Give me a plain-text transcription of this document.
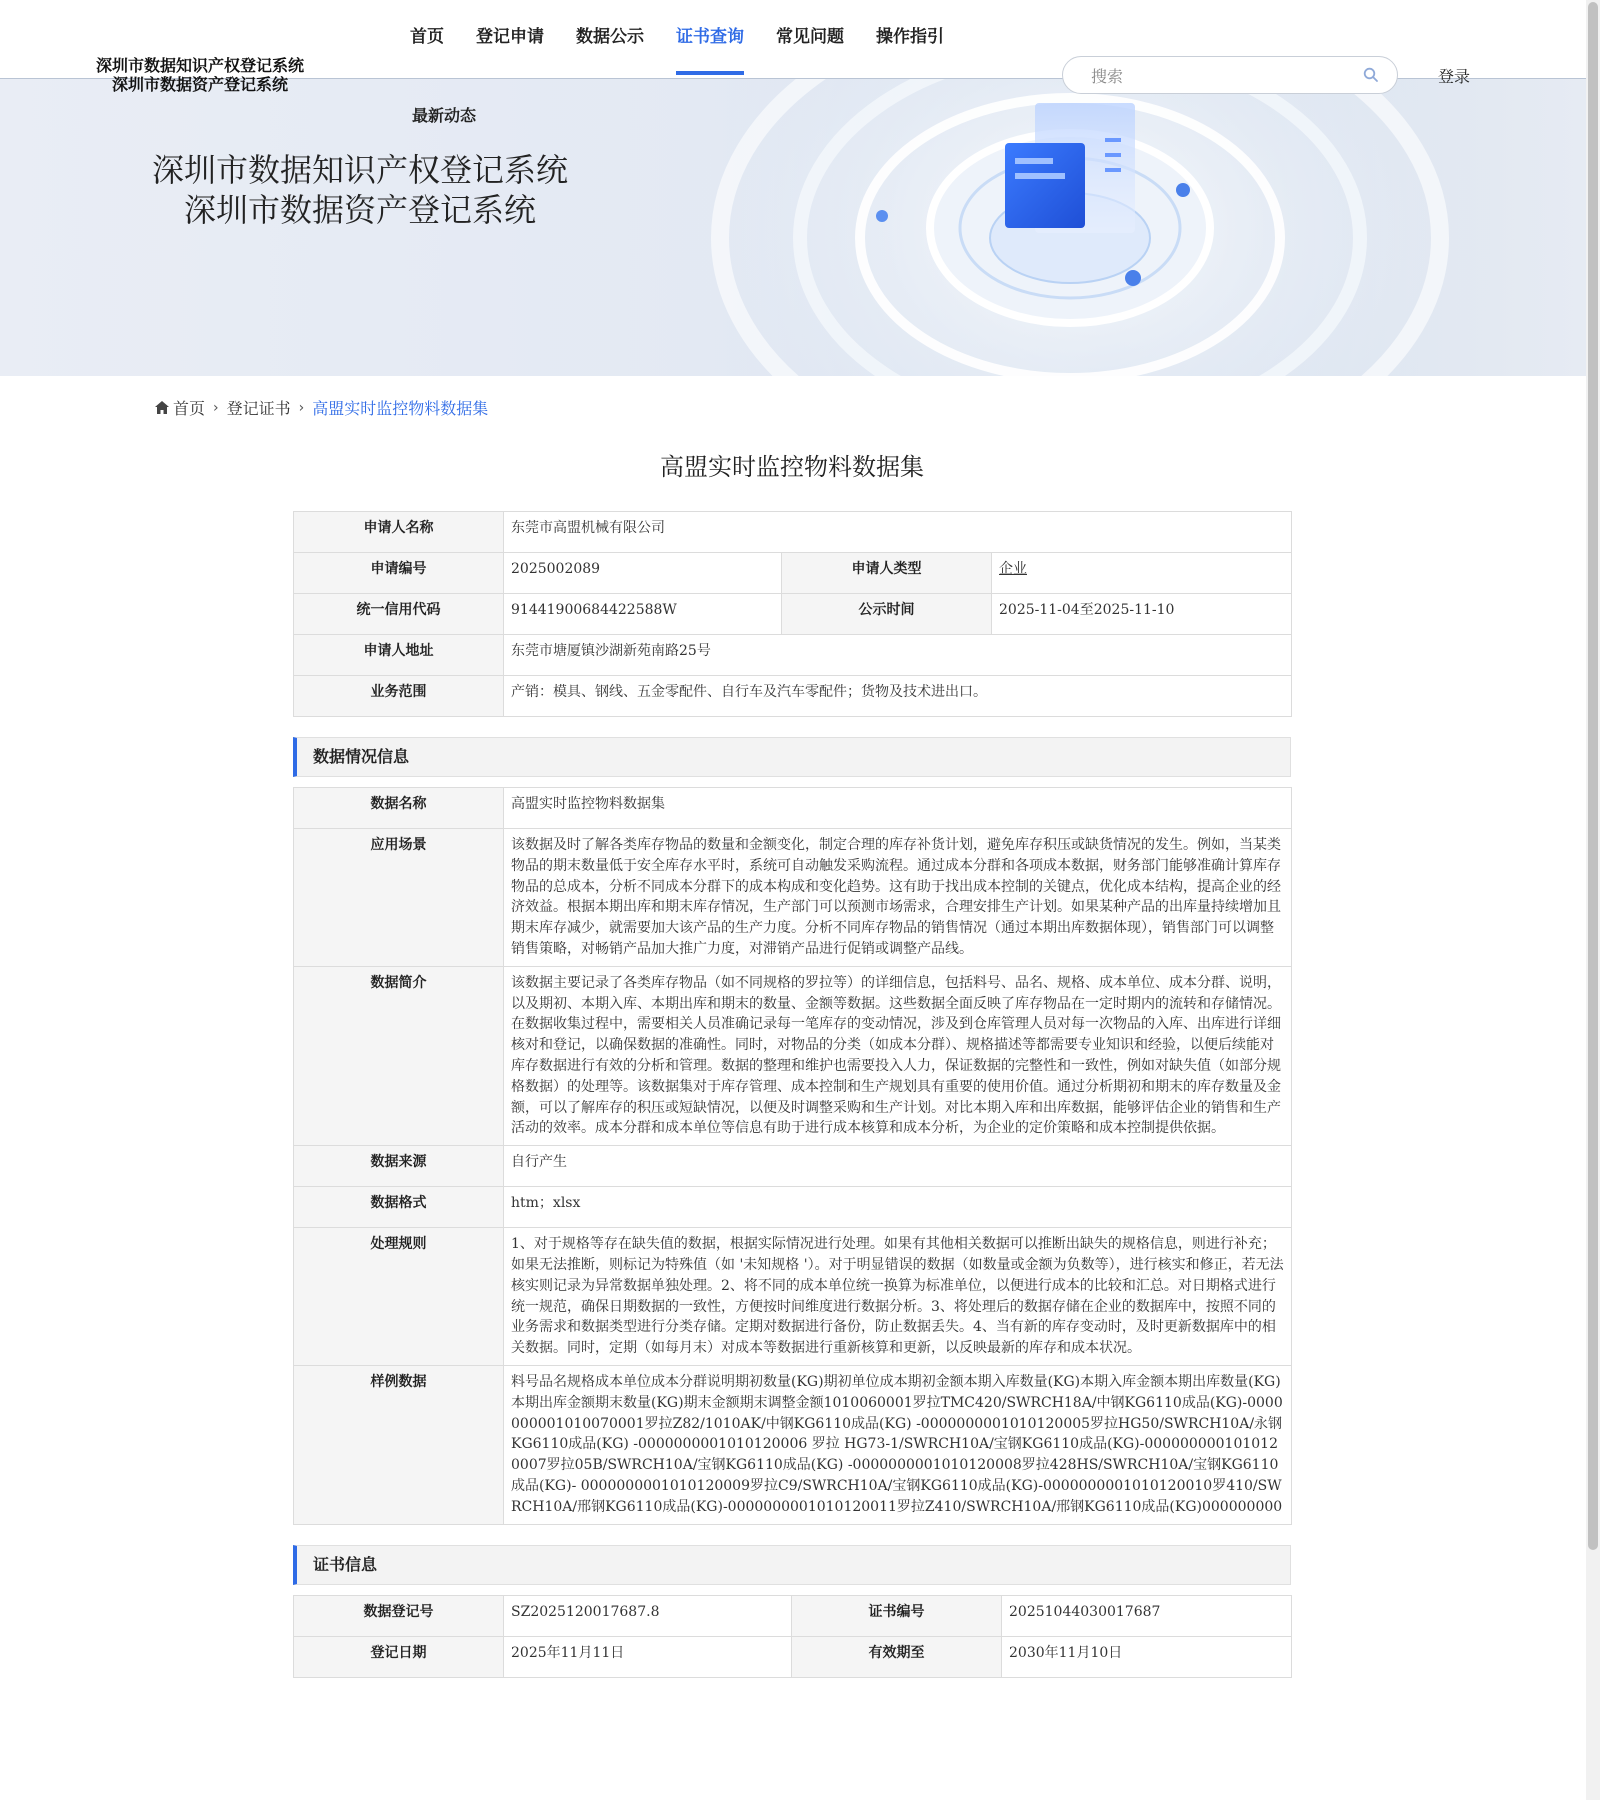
首页 登记申请 数据公示 证书查询 常见问题 操作指引
深圳市数据知识产权登记系统
深圳市数据资产登记系统
搜索	登录
深圳市数据知识产权登记系统
深圳市数据资产登记系统
最新动态
首页 › 登记证书 › 高盟实时监控物料数据集
高盟实时监控物料数据集
申请人名称	东莞市高盟机械有限公司		
申请编号	2025002089	申请人类型	企业
统一信用代码	91441900684422588W	公示时间	2025-11-04至2025-11-10
申请人地址	东莞市塘厦镇沙湖新苑南路25号		
业务范围	产销：模具、钢线、五金零配件、自行车及汽车零配件；货物及技术进出口。		
数据情况信息
数据名称	高盟实时监控物料数据集
应用场景	该数据及时了解各类库存物品的数量和金额变化，制定合理的库存补货计划，避免库存积压或缺货情况的发生。例如，当某类物品的期末数量低于安全库存水平时，系统可自动触发采购流程。通过成本分群和各项成本数据，财务部门能够准确计算库存物品的总成本，分析不同成本分群下的成本构成和变化趋势。这有助于找出成本控制的关键点，优化成本结构，提高企业的经济效益。根据本期出库和期末库存情况，生产部门可以预测市场需求，合理安排生产计划。如果某种产品的出库量持续增加且期末库存减少，就需要加大该产品的生产力度。分析不同库存物品的销售情况（通过本期出库数据体现），销售部门可以调整销售策略，对畅销产品加大推广力度，对滞销产品进行促销或调整产品线。
数据简介	该数据主要记录了各类库存物品（如不同规格的罗拉等）的详细信息，包括料号、品名、规格、成本单位、成本分群、说明，以及期初、本期入库、本期出库和期末的数量、金额等数据。这些数据全面反映了库存物品在一定时期内的流转和存储情况。在数据收集过程中，需要相关人员准确记录每一笔库存的变动情况，涉及到仓库管理人员对每一次物品的入库、出库进行详细核对和登记，以确保数据的准确性。同时，对物品的分类（如成本分群）、规格描述等都需要专业知识和经验，以便后续能对库存数据进行有效的分析和管理。数据的整理和维护也需要投入人力，保证数据的完整性和一致性，例如对缺失值（如部分规格数据）的处理等。该数据集对于库存管理、成本控制和生产规划具有重要的使用价值。通过分析期初和期末的库存数量及金额，可以了解库存的积压或短缺情况，以便及时调整采购和生产计划。对比本期入库和出库数据，能够评估企业的销售和生产活动的效率。成本分群和成本单位等信息有助于进行成本核算和成本分析，为企业的定价策略和成本控制提供依据。
数据来源	自行产生
数据格式	htm；xlsx
处理规则	1、对于规格等存在缺失值的数据，根据实际情况进行处理。如果有其他相关数据可以推断出缺失的规格信息，则进行补充；如果无法推断，则标记为特殊值（如 '未知规格 '）。对于明显错误的数据（如数量或金额为负数等），进行核实和修正，若无法核实则记录为异常数据单独处理。2、将不同的成本单位统一换算为标准单位，以便进行成本的比较和汇总。对日期格式进行统一规范，确保日期数据的一致性，方便按时间维度进行数据分析。3、将处理后的数据存储在企业的数据库中，按照不同的业务需求和数据类型进行分类存储。定期对数据进行备份，防止数据丢失。4、当有新的库存变动时，及时更新数据库中的相关数据。同时，定期（如每月末）对成本等数据进行重新核算和更新，以反映最新的库存和成本状况。
样例数据	料号品名规格成本单位成本分群说明期初数量(KG)期初单位成本期初金额本期入库数量(KG)本期入库金额本期出库数量(KG)本期出库金额期末数量(KG)期末金额期末调整金额1010060001罗拉TMC420/SWRCH18A/中钢KG6110成品(KG)-0000000001010070001罗拉Z82/1010AK/中钢KG6110成品(KG) -0000000001010120005罗拉HG50/SWRCH10A/永钢KG6110成品(KG) -0000000001010120006 罗拉 HG73-1/SWRCH10A/宝钢KG6110成品(KG)-0000000001010120007罗拉05B/SWRCH10A/宝钢KG6110成品(KG) -0000000001010120008罗拉428HS/SWRCH10A/宝钢KG6110成品(KG)- 0000000001010120009罗拉C9/SWRCH10A/宝钢KG6110成品(KG)-0000000001010120010罗410/SWRCH10A/邢钢KG6110成品(KG)-0000000001010120011罗拉Z410/SWRCH10A/邢钢KG6110成品(KG)000000000
证书信息
数据登记号	SZ2025120017687.8	证书编号	20251044030017687
登记日期	2025年11月11日	有效期至	2030年11月10日
